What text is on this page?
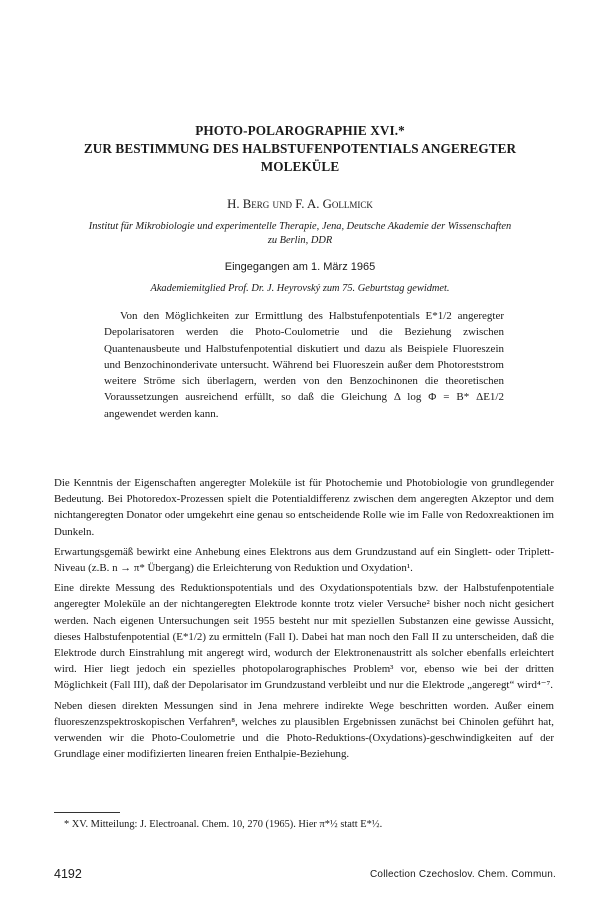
PHOTO-POLAROGRAPHIE XVI.*
ZUR BESTIMMUNG DES HALBSTUFENPOTENTIALS ANGEREGTER
MOLEKÜLE
H. Berg und F. A. Gollmick
Institut für Mikrobiologie und experimentelle Therapie, Jena, Deutsche Akademie der Wissenschaften
zu Berlin, DDR
Eingegangen am 1. März 1965
Akademiemitglied Prof. Dr. J. Heyrovský zum 75. Geburtstag gewidmet.

Von den Möglichkeiten zur Ermittlung des Halbstufenpotentials E*1/2 angeregter Depolarisatoren werden die Photo-Coulometrie und die Beziehung zwischen Quantenausbeute und Halbstufenpotential diskutiert und dazu als Beispiele Fluoreszein und Benzochinonderivate untersucht. Während bei Fluoreszein außer dem Photoreststrom weitere Ströme sich überlagern, werden von den Benzochinonen die theoretischen Voraussetzungen ausreichend erfüllt, so daß die Gleichung Δ log Φ = B* ΔE1/2 angewendet werden kann.

Die Kenntnis der Eigenschaften angeregter Moleküle ist für Photochemie und Photobiologie von grundlegender Bedeutung. Bei Photoredox-Prozessen spielt die Potentialdifferenz zwischen dem angeregten Akzeptor und dem nichtangeregten Donator oder umgekehrt eine genau so entscheidende Rolle wie im Falle von Redoxreaktionen im Dunkeln.

Erwartungsgemäß bewirkt eine Anhebung eines Elektrons aus dem Grundzustand auf ein Singlett- oder Triplett-Niveau (z.B. n → π* Übergang) die Erleichterung von Reduktion und Oxydation¹.

Eine direkte Messung des Reduktionspotentials und des Oxydationspotentials bzw. der Halbstufenpotentiale angeregter Moleküle an der nichtangeregten Elektrode konnte trotz vieler Versuche² bisher noch nicht gesichert werden. Nach eigenen Untersuchungen seit 1955 besteht nur mit speziellen Substanzen eine gewisse Aussicht, dieses Halbstufenpotential (E*1/2) zu ermitteln (Fall I). Dabei hat man noch den Fall II zu unterscheiden, daß die Elektrode durch Einstrahlung mit angeregt wird, wodurch der Elektronenaustritt als solcher ebenfalls erleichtert wird. Hier liegt jedoch ein spezielles photopolarographisches Problem³ vor, ebenso wie bei der dritten Möglichkeit (Fall III), daß der Depolarisator im Grundzustand verbleibt und nur die Elektrode „angeregt“ wird⁴⁻⁷.

Neben diesen direkten Messungen sind in Jena mehrere indirekte Wege beschritten worden. Außer einem fluoreszenzspektroskopischen Verfahren⁸, welches zu plausiblen Ergebnissen zunächst bei Chinolen geführt hat, verwenden wir die Photo-Coulometrie und die Photo-Reduktions-(Oxydations)-geschwindigkeiten auf der Grundlage einer modifizierten linearen freien Enthalpie-Beziehung.

* XV. Mitteilung: J. Electroanal. Chem. 10, 270 (1965). Hier π*½ statt E*½.
4192	Collection Czechoslov. Chem. Commun.
